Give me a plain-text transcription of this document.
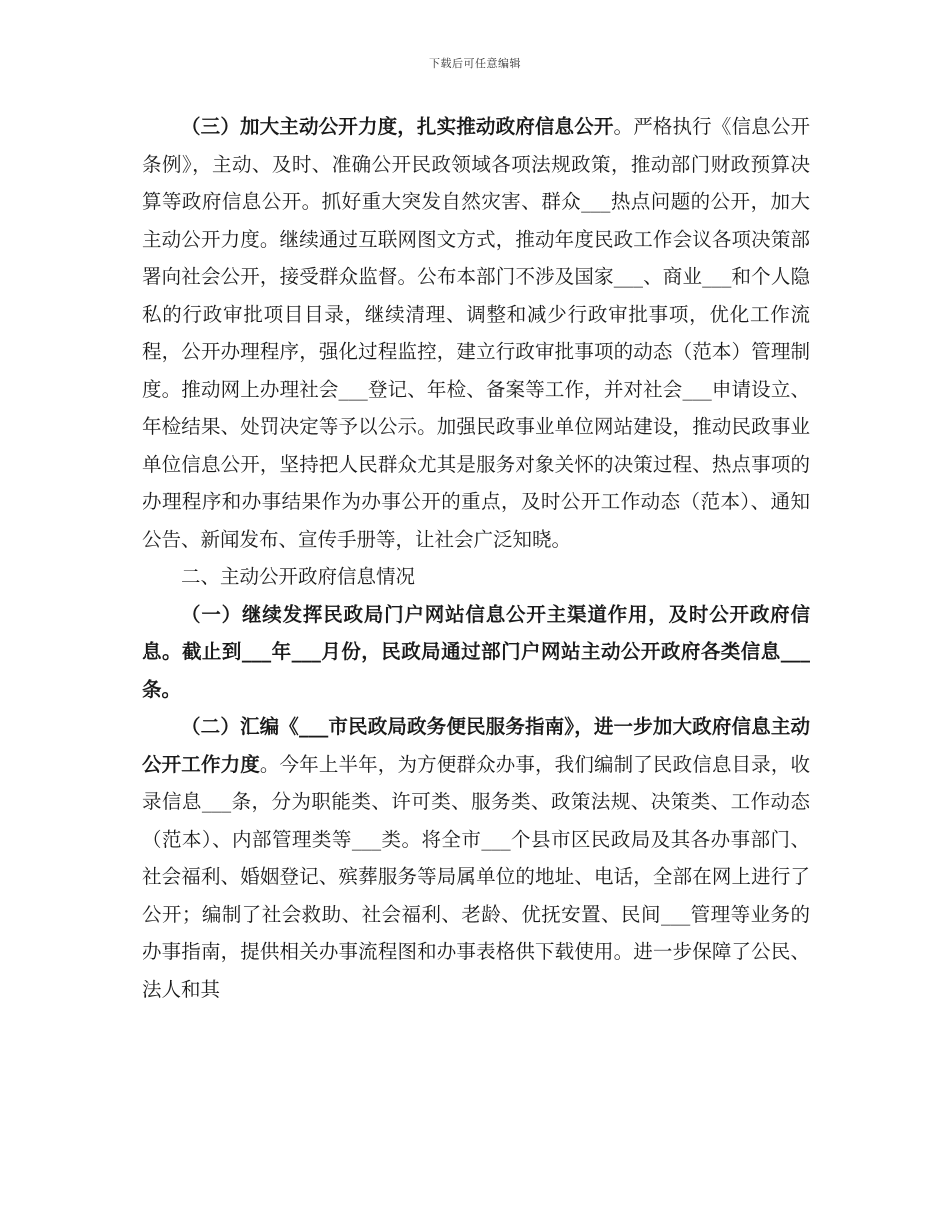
下载后可任意编辑

（三）加大主动公开力度，扎实推动政府信息公开。严格执行《信息公开条例》，主动、及时、准确公开民政领域各项法规政策，推动部门财政预算决算等政府信息公开。抓好重大突发自然灾害、群众___热点问题的公开，加大主动公开力度。继续通过互联网图文方式，推动年度民政工作会议各项决策部署向社会公开，接受群众监督。公布本部门不涉及国家___、商业___和个人隐私的行政审批项目目录，继续清理、调整和减少行政审批事项，优化工作流程，公开办理程序，强化过程监控，建立行政审批事项的动态（范本）管理制度。推动网上办理社会___登记、年检、备案等工作，并对社会___申请设立、年检结果、处罚决定等予以公示。加强民政事业单位网站建设，推动民政事业单位信息公开，坚持把人民群众尤其是服务对象关怀的决策过程、热点事项的办理程序和办事结果作为办事公开的重点，及时公开工作动态（范本）、通知公告、新闻发布、宣传手册等，让社会广泛知晓。

二、主动公开政府信息情况

（一）继续发挥民政局门户网站信息公开主渠道作用，及时公开政府信息。截止到___年___月份，民政局通过部门户网站主动公开政府各类信息___条。

（二）汇编《___市民政局政务便民服务指南》，进一步加大政府信息主动公开工作力度。今年上半年，为方便群众办事，我们编制了民政信息目录，收录信息___条，分为职能类、许可类、服务类、政策法规、决策类、工作动态（范本）、内部管理类等___类。将全市___个县市区民政局及其各办事部门、社会福利、婚姻登记、殡葬服务等局属单位的地址、电话，全部在网上进行了公开；编制了社会救助、社会福利、老龄、优抚安置、民间___管理等业务的办事指南，提供相关办事流程图和办事表格供下载使用。进一步保障了公民、法人和其
